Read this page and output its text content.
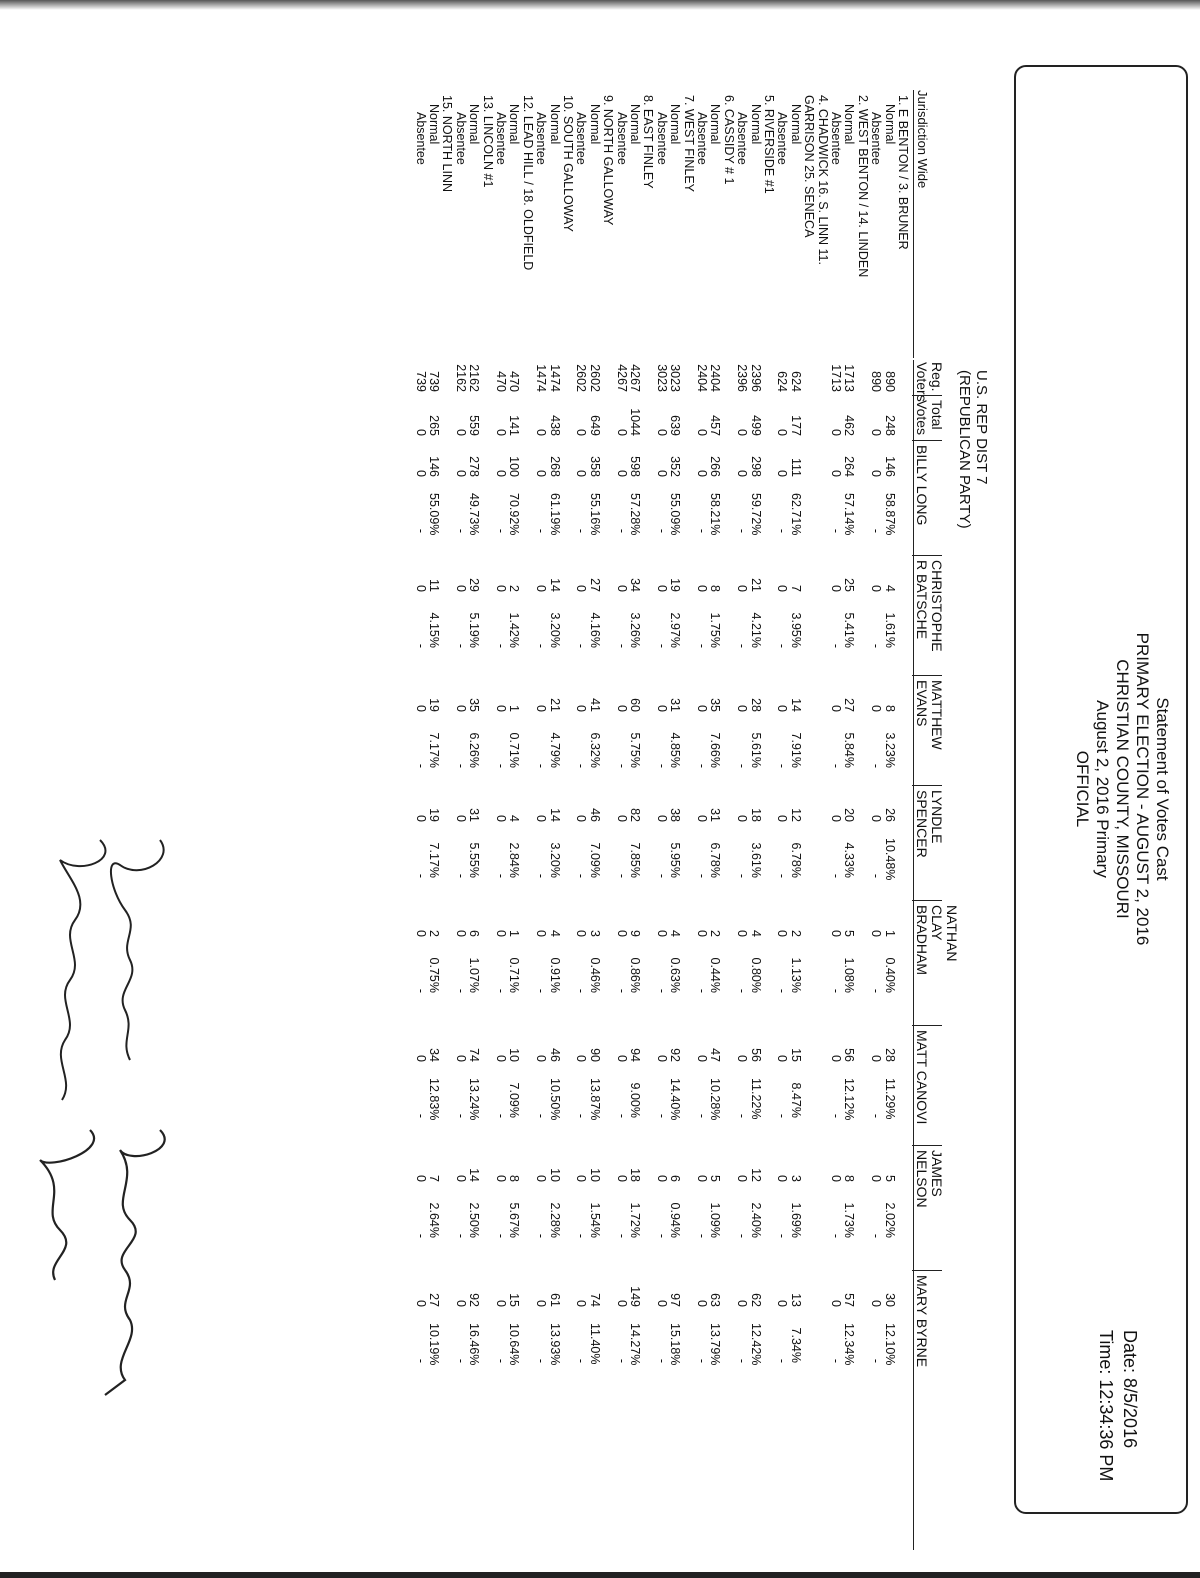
Statement of Votes Cast
PRIMARY ELECTION - AUGUST 2, 2016
CHRISTIAN COUNTY, MISSOURI
August 2, 2016 Primary
OFFICIAL
Date: 8/5/2016
Time: 12:34:36 PM
U.S. REP DIST 7
(REPUBLICAN PARTY)
Jurisdiction Wide
Reg.
Voters
Total
Votes
BILLY LONG
CHRISTOPHE
R BATSCHE
MATTHEW
EVANS
LYNDLE
SPENCER
NATHAN
CLAY
BRADHAM
MATT CANOVI
JAMES
NELSON
MARY BYRNE
1. E BENTON / 3. BRUNER
Normal
890
248
146
58.87%
4
1.61%
8
3.23%
26
10.48%
1
0.40%
28
11.29%
5
2.02%
30
12.10%
Absentee
890
0
0
-
0
-
0
-
0
-
0
-
0
-
0
-
0
-
2. WEST BENTON / 14. LINDEN
Normal
1713
462
264
57.14%
25
5.41%
27
5.84%
20
4.33%
5
1.08%
56
12.12%
8
1.73%
57
12.34%
Absentee
1713
0
0
-
0
-
0
-
0
-
0
-
0
-
0
-
0
-
4. CHADWICK 16. S. LINN 11.
GARRISON 25. SENECA
Normal
624
177
111
62.71%
7
3.95%
14
7.91%
12
6.78%
2
1.13%
15
8.47%
3
1.69%
13
7.34%
Absentee
624
0
0
-
0
-
0
-
0
-
0
-
0
-
0
-
0
-
5. RIVERSIDE #1
Normal
2396
499
298
59.72%
21
4.21%
28
5.61%
18
3.61%
4
0.80%
56
11.22%
12
2.40%
62
12.42%
Absentee
2396
0
0
-
0
-
0
-
0
-
0
-
0
-
0
-
0
-
6. CASSIDY # 1
Normal
2404
457
266
58.21%
8
1.75%
35
7.66%
31
6.78%
2
0.44%
47
10.28%
5
1.09%
63
13.79%
Absentee
2404
0
0
-
0
-
0
-
0
-
0
-
0
-
0
-
0
-
7. WEST FINLEY
Normal
3023
639
352
55.09%
19
2.97%
31
4.85%
38
5.95%
4
0.63%
92
14.40%
6
0.94%
97
15.18%
Absentee
3023
0
0
-
0
-
0
-
0
-
0
-
0
-
0
-
0
-
8. EAST FINLEY
Normal
4267
1044
598
57.28%
34
3.26%
60
5.75%
82
7.85%
9
0.86%
94
9.00%
18
1.72%
149
14.27%
Absentee
4267
0
0
-
0
-
0
-
0
-
0
-
0
-
0
-
0
-
9. NORTH GALLOWAY
Normal
2602
649
358
55.16%
27
4.16%
41
6.32%
46
7.09%
3
0.46%
90
13.87%
10
1.54%
74
11.40%
Absentee
2602
0
0
-
0
-
0
-
0
-
0
-
0
-
0
-
0
-
10. SOUTH GALLOWAY
Normal
1474
438
268
61.19%
14
3.20%
21
4.79%
14
3.20%
4
0.91%
46
10.50%
10
2.28%
61
13.93%
Absentee
1474
0
0
-
0
-
0
-
0
-
0
-
0
-
0
-
0
-
12. LEAD HILL / 18. OLDFIELD
Normal
470
141
100
70.92%
2
1.42%
1
0.71%
4
2.84%
1
0.71%
10
7.09%
8
5.67%
15
10.64%
Absentee
470
0
0
-
0
-
0
-
0
-
0
-
0
-
0
-
0
-
13. LINCOLN #1
Normal
2162
559
278
49.73%
29
5.19%
35
6.26%
31
5.55%
6
1.07%
74
13.24%
14
2.50%
92
16.46%
Absentee
2162
0
0
-
0
-
0
-
0
-
0
-
0
-
0
-
0
-
15. NORTH LINN
Normal
739
265
146
55.09%
11
4.15%
19
7.17%
19
7.17%
2
0.75%
34
12.83%
7
2.64%
27
10.19%
Absentee
739
0
0
-
0
-
0
-
0
-
0
-
0
-
0
-
0
-
